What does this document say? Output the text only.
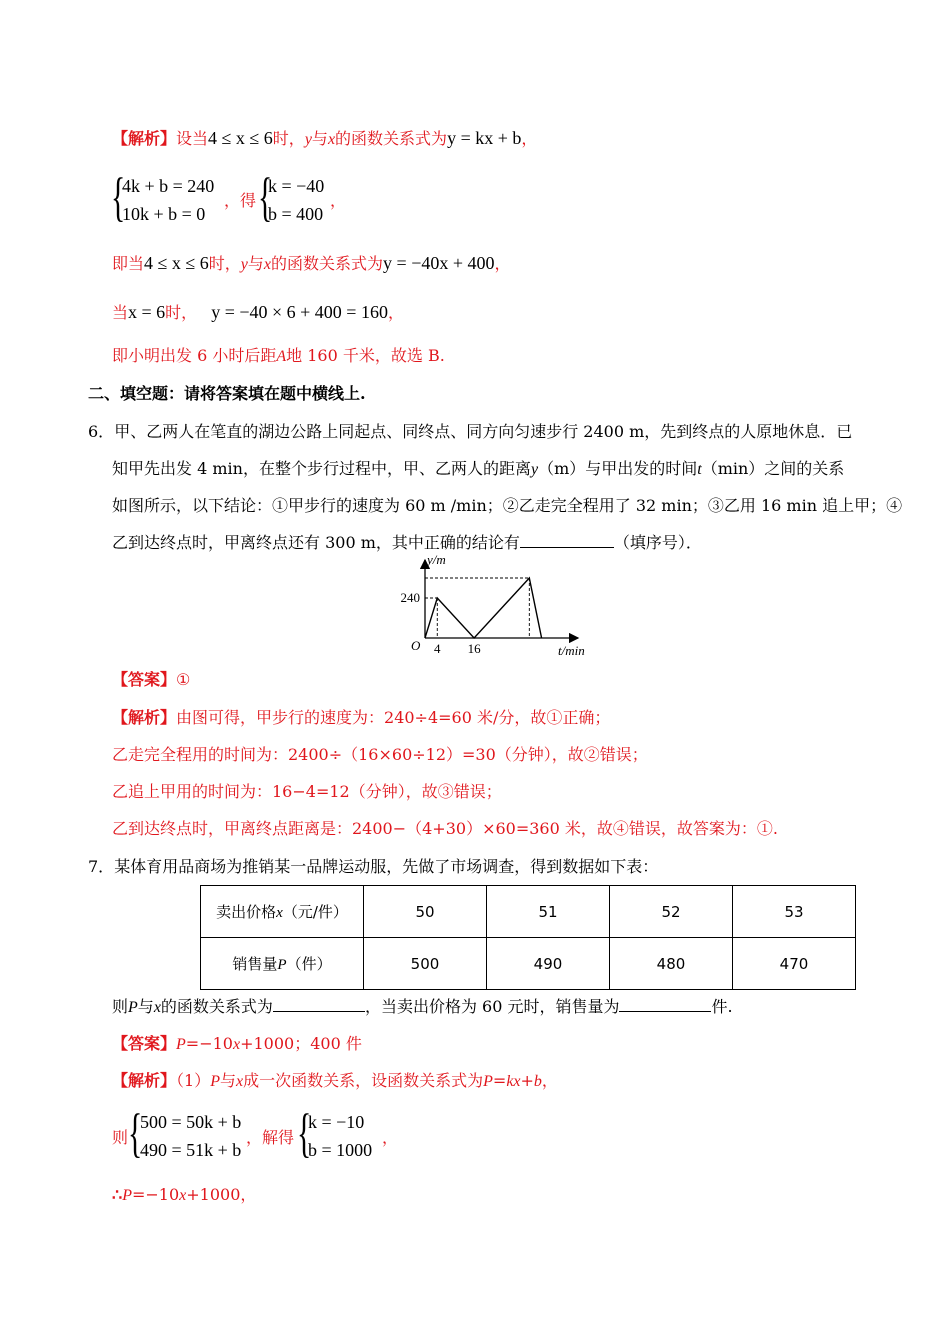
【解析】设当4 ≤ x ≤ 6时，y与x的函数关系式为y = kx + b，
{
4k + b = 240
10k + b = 0
，得 {
k = −40
b = 400
，
即当4 ≤ x ≤ 6时，y与x的函数关系式为y = −40x + 400，
当x = 6时， y = −40 × 6 + 400 = 160，
即小明出发 6 小时后距A地 160 千米，故选 B.
二、填空题：请将答案填在题中横线上.
6．甲、乙两人在笔直的湖边公路上同起点、同终点、同方向匀速步行 2400 m，先到终点的人原地休息．已
知甲先出发 4 min，在整个步行过程中，甲、乙两人的距离y（m）与甲出发的时间t（min）之间的关系
如图所示，以下结论：①甲步行的速度为 60 m /min；②乙走完全程用了 32 min；③乙用 16 min 追上甲；④
乙到达终点时，甲离终点还有 300 m，其中正确的结论有	（填序号）．
4 16
240
y/m
t/min
O
【答案】①
【解析】由图可得，甲步行的速度为：240÷4=60 米/分，故①正确；
乙走完全程用的时间为：2400÷（16×60÷12）=30（分钟），故②错误；
乙追上甲用的时间为：16−4=12（分钟），故③错误；
乙到达终点时，甲离终点距离是：2400−（4+30）×60=360 米，故④错误，故答案为：①.
7．某体育用品商场为推销某一品牌运动服，先做了市场调查，得到数据如下表：
卖出价格x（元/件）	50	51	52	53
销售量P（件）	500	490	480	470
则P与x的函数关系式为	，当卖出价格为 60 元时，销售量为	件.
【答案】P=−10x+1000；400 件
【解析】（1）P与x成一次函数关系，设函数关系式为P=kx+b，
则 {
500 = 50k + b
490 = 51k + b
，解得 {
k = −10
b = 1000
，
∴P=−10x+1000，
